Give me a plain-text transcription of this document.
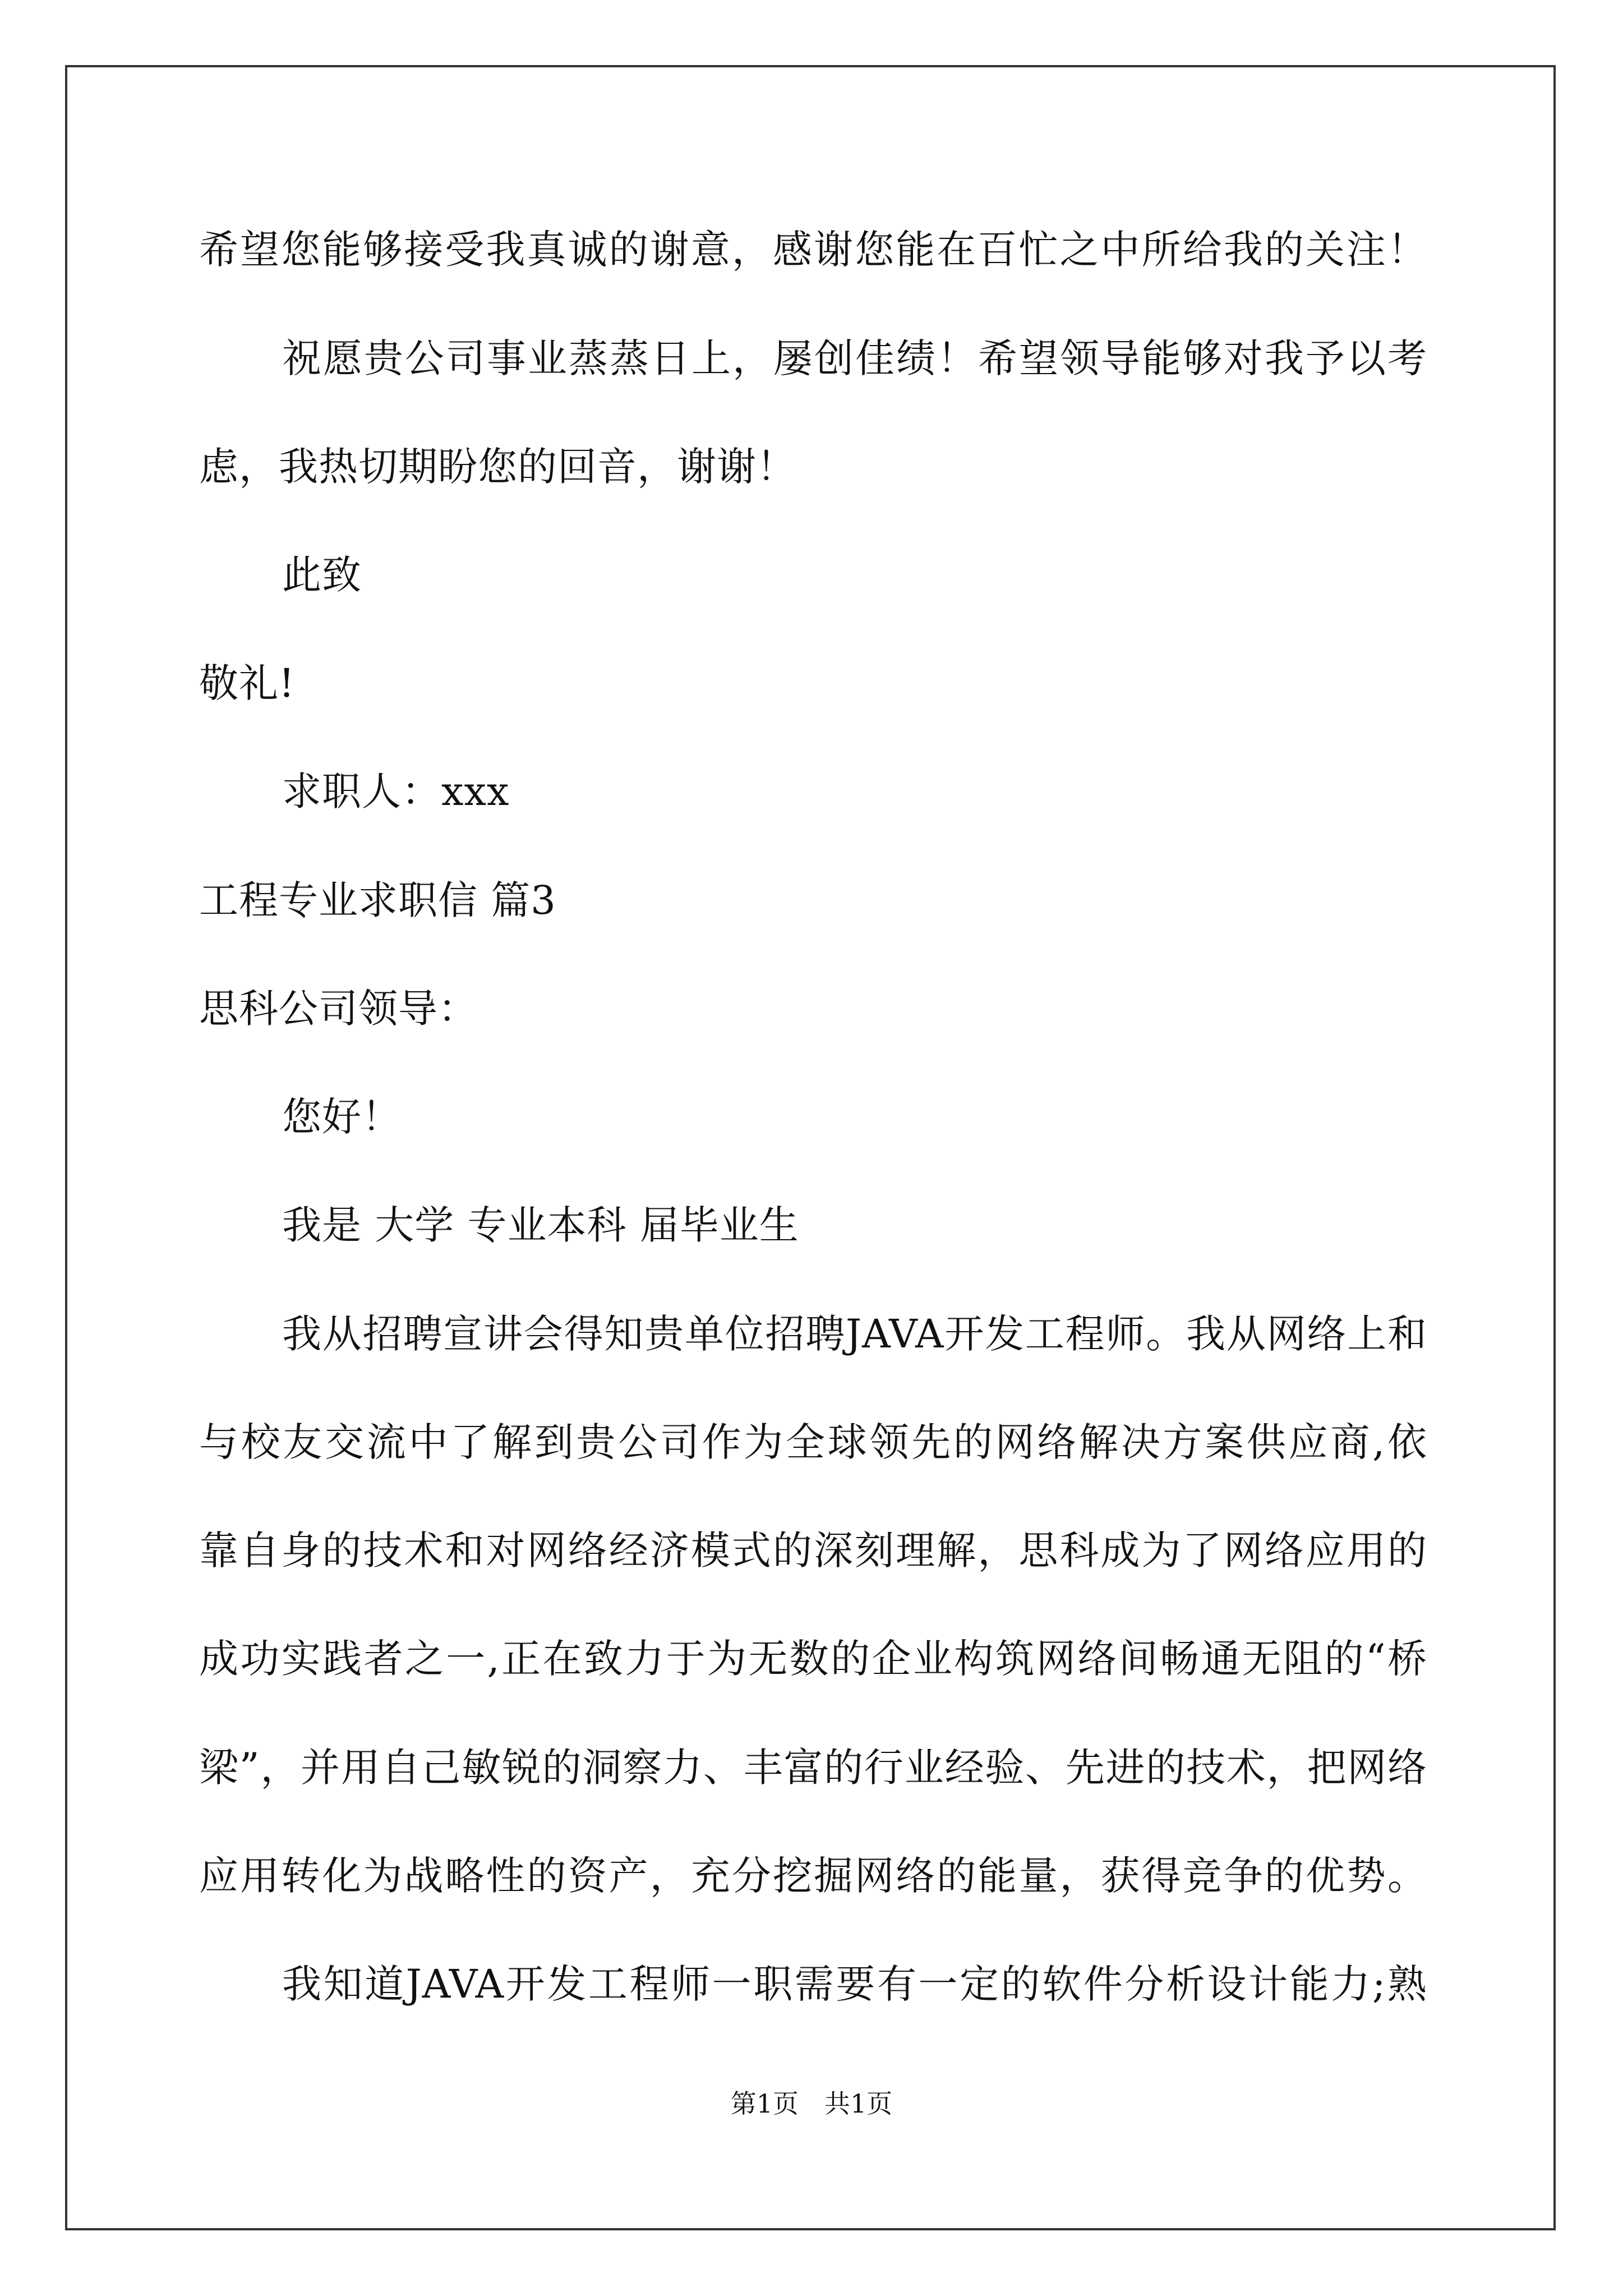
希望您能够接受我真诚的谢意，感谢您能在百忙之中所给我的关注！
祝愿贵公司事业蒸蒸日上，屡创佳绩！希望领导能够对我予以考
虑，我热切期盼您的回音，谢谢！
此致
敬礼!
求职人：xxx
工程专业求职信 篇3
思科公司领导：
您好！
我是 大学 专业本科 届毕业生
我从招聘宣讲会得知贵单位招聘JAVA开发工程师。我从网络上和
与校友交流中了解到贵公司作为全球领先的网络解决方案供应商,依
靠自身的技术和对网络经济模式的深刻理解，思科成为了网络应用的
成功实践者之一,正在致力于为无数的企业构筑网络间畅通无阻的“桥
梁”，并用自己敏锐的洞察力、丰富的行业经验、先进的技术，把网络
应用转化为战略性的资产，充分挖掘网络的能量，获得竞争的优势。
我知道JAVA开发工程师一职需要有一定的软件分析设计能力;熟
第1页　共1页
